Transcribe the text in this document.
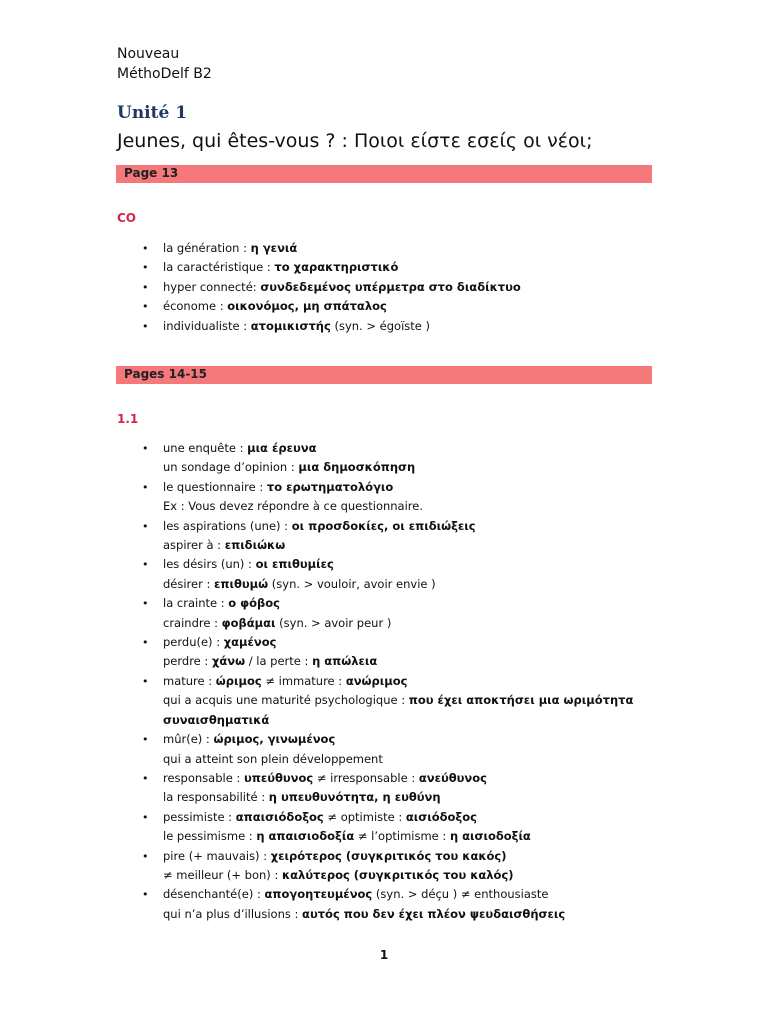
Nouveau
MéthoDelf B2
Unité 1
Jeunes, qui êtes-vous ? : Ποιοι είστε εσείς οι νέοι;
Page 13
CO
• la génération : η γενιά
• la caractéristique : το χαρακτηριστικό
• hyper connecté: συνδεδεμένος υπέρμετρα στο διαδίκτυο
• économe : οικονόμος, μη σπάταλος
• individualiste : ατομικιστής (syn. > égoïste )
Pages 14-15
1.1
• une enquête : μια έρευνα
un sondage d’opinion : μια δημοσκόπηση
• le questionnaire : το ερωτηματολόγιο
Ex : Vous devez répondre à ce questionnaire.
• les aspirations (une) : οι προσδοκίες, οι επιδιώξεις
aspirer à : επιδιώκω
• les désirs (un) : οι επιθυμίες
désirer : επιθυμώ (syn. > vouloir, avoir envie )
• la crainte : ο φόβος
craindre : φοβάμαι (syn. > avoir peur )
• perdu(e) : χαμένος
perdre : χάνω / la perte : η απώλεια
• mature : ώριμος ≠ immature : ανώριμος
qui a acquis une maturité psychologique : που έχει αποκτήσει μια ωριμότητα
συναισθηματικά
• mûr(e) : ώριμος, γινωμένος
qui a atteint son plein développement
• responsable : υπεύθυνος ≠ irresponsable : ανεύθυνος
la responsabilité : η υπευθυνότητα, η ευθύνη
• pessimiste : απαισιόδοξος ≠ optimiste : αισιόδοξος
le pessimisme : η απαισιοδοξία ≠ l’optimisme : η αισιοδοξία
• pire (+ mauvais) : χειρότερος (συγκριτικός του κακός)
≠ meilleur (+ bon) : καλύτερος (συγκριτικός του καλός)
• désenchanté(e) : απογοητευμένος (syn. > déçu ) ≠ enthousiaste
qui n’a plus d’illusions : αυτός που δεν έχει πλέον ψευδαισθήσεις
1
